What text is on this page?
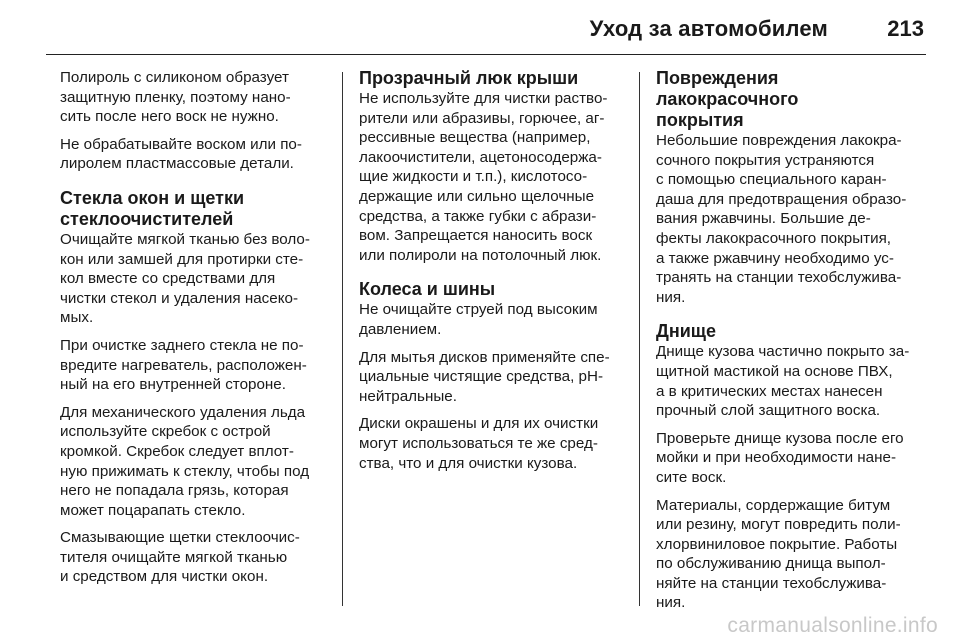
Уход за автомобилем	213

Полироль с силиконом образует
защитную пленку, поэтому нано-
сить после него воск не нужно.

Не обрабатывайте воском или по-
лиролем пластмассовые детали.

Стекла окон и щетки
стеклоочистителей

Очищайте мягкой тканью без воло-
кон или замшей для протирки сте-
кол вместе со средствами для
чистки стекол и удаления насеко-
мых.

При очистке заднего стекла не по-
вредите нагреватель, расположен-
ный на его внутренней стороне.

Для механического удаления льда
используйте скребок с острой
кромкой. Скребок следует вплот-
ную прижимать к стеклу, чтобы под
него не попадала грязь, которая
может поцарапать стекло.

Смазывающие щетки стеклоочис-
тителя очищайте мягкой тканью
и средством для чистки окон.

Прозрачный люк крыши

Не используйте для чистки раство-
рители или абразивы, горючее, аг-
рессивные вещества (например,
лакоочистители, ацетоносодержа-
щие жидкости и т.п.), кислотосо-
держащие или сильно щелочные
средства, а также губки с абрази-
вом. Запрещается наносить воск
или полироли на потолочный люк.

Колеса и шины

Не очищайте струей под высоким
давлением.

Для мытья дисков применяйте спе-
циальные чистящие средства, pH-
нейтральные.

Диски окрашены и для их очистки
могут использоваться те же сред-
ства, что и для очистки кузова.

Повреждения лакокрасочного
покрытия

Небольшие повреждения лакокра-
сочного покрытия устраняются
с помощью специального каран-
даша для предотвращения образо-
вания ржавчины. Большие де-
фекты лакокрасочного покрытия,
а также ржавчину необходимо ус-
транять на станции техобслужива-
ния.

Днище

Днище кузова частично покрыто за-
щитной мастикой на основе ПВХ,
а в критических местах нанесен
прочный слой защитного воска.

Проверьте днище кузова после его
мойки и при необходимости нане-
сите воск.

Материалы, сордержащие битум
или резину, могут повредить поли-
хлорвиниловое покрытие. Работы
по обслуживанию днища выпол-
няйте на станции техобслужива-
ния.

carmanualsonline.info
